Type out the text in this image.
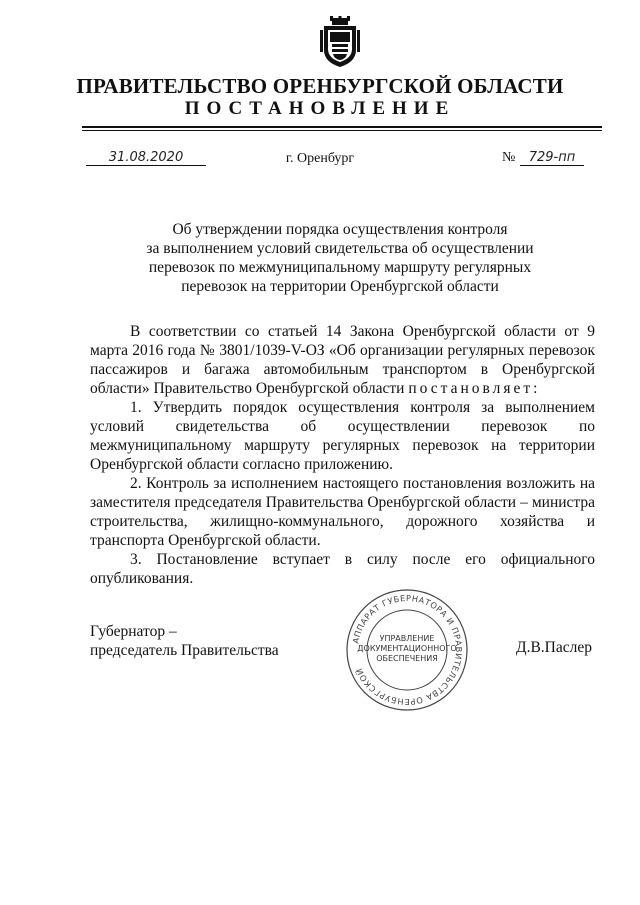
ПРАВИТЕЛЬСТВО ОРЕНБУРГСКОЙ ОБЛАСТИ
ПОСТАНОВЛЕНИЕ
31.08.2020	г. Оренбург	№	729-пп
Об утверждении порядка осуществления контроля
за выполнением условий свидетельства об осуществлении
перевозок по межмуниципальному маршруту регулярных
перевозок на территории Оренбургской области

В соответствии со статьей 14 Закона Оренбургской области от 9 марта 2016 года № 3801/1039-V-ОЗ «Об организации регулярных перевозок пассажиров и багажа автомобильным транспортом в Оренбургской области» Правительство Оренбургской области постановляет:

1. Утвердить порядок осуществления контроля за выполнением условий свидетельства об осуществлении перевозок по межмуниципальному маршруту регулярных перевозок на территории Оренбургской области согласно приложению.

2. Контроль за исполнением настоящего постановления возложить на заместителя председателя Правительства Оренбургской области – министра строительства, жилищно-коммунального, дорожного хозяйства и транспорта Оренбургской области.

3. Постановление вступает в силу после его официального опубликования.

Губернатор –
председатель Правительства	Д.В.Паслер
АППАРАТ ГУБЕРНАТОРА И ПРАВИТЕЛЬСТВА ОРЕНБУРГСКОЙ
УПРАВЛЕНИЕ
ДОКУМЕНТАЦИОННОГО
ОБЕСПЕЧЕНИЯ
